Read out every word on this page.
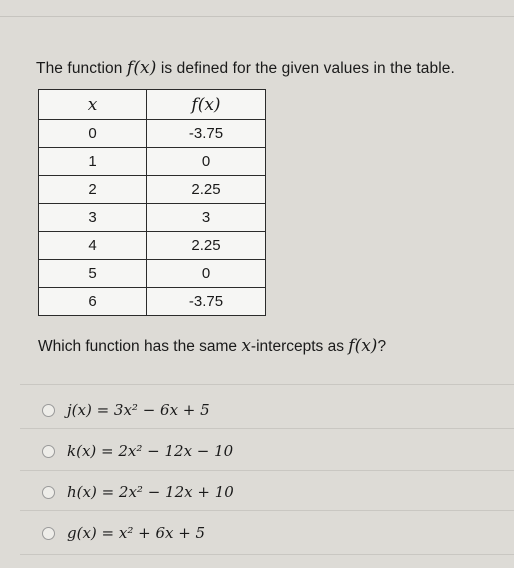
The function f(x) is defined for the given values in the table.
x	f(x)
0	-3.75
1	0
2	2.25
3	3
4	2.25
5	0
6	-3.75
Which function has the same x-intercepts as f(x)?
j(x) = 3x² − 6x + 5
k(x) = 2x² − 12x − 10
h(x) = 2x² − 12x + 10
g(x) = x² + 6x + 5
